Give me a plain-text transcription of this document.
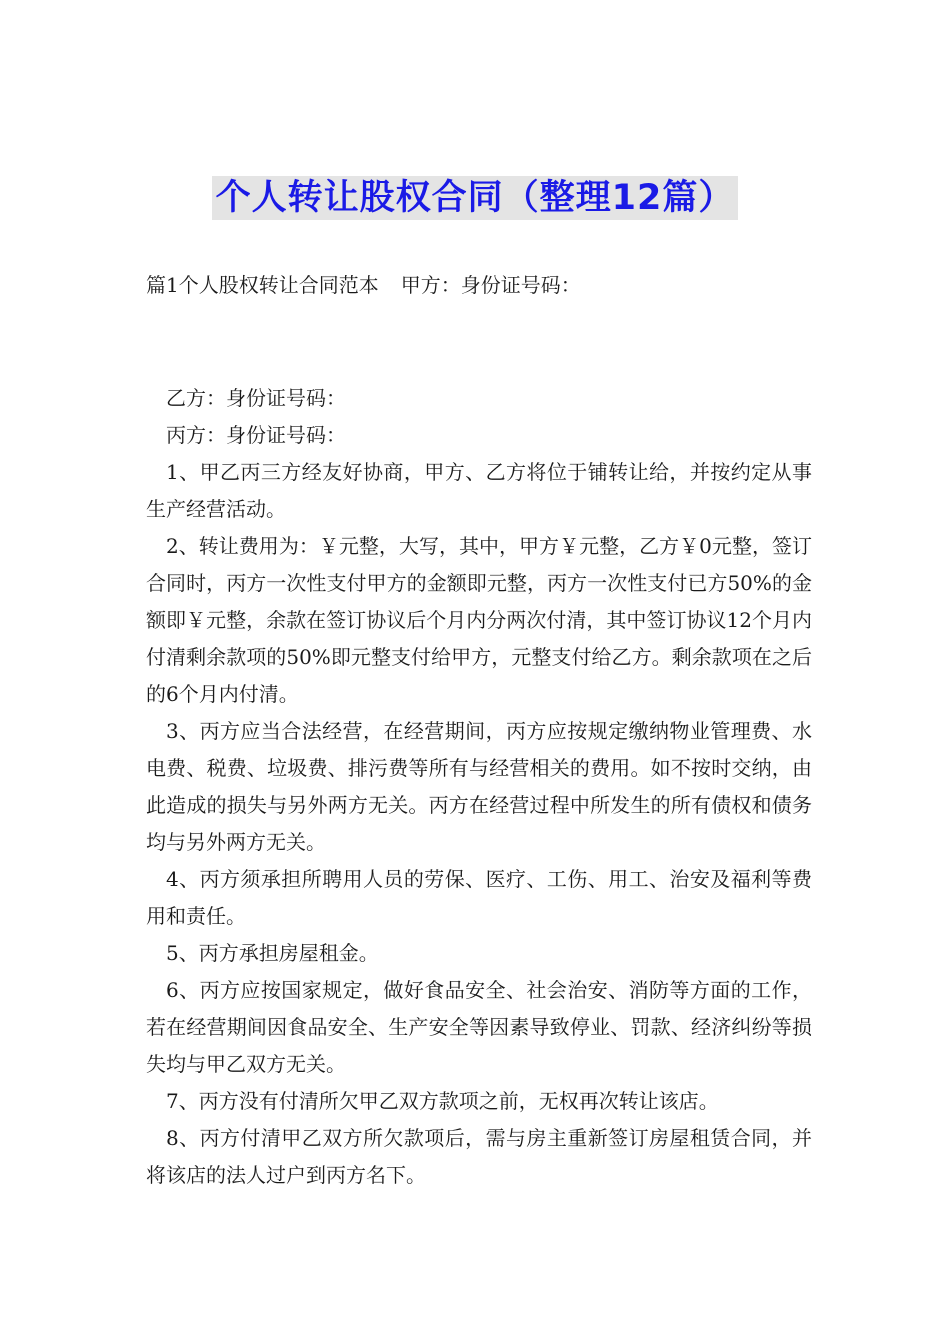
个人转让股权合同（整理12篇）
篇1个人股权转让合同范本 甲方：身份证号码：

乙方：身份证号码：

丙方：身份证号码：

1、甲乙丙三方经友好协商，甲方、乙方将位于铺转让给，并按约定从事生产经营活动。

2、转让费用为：￥元整，大写，其中，甲方￥元整，乙方￥0元整，签订合同时，丙方一次性支付甲方的金额即元整，丙方一次性支付已方50%的金额即￥元整，余款在签订协议后个月内分两次付清，其中签订协议12个月内付清剩余款项的50%即元整支付给甲方，元整支付给乙方。剩余款项在之后的6个月内付清。

3、丙方应当合法经营，在经营期间，丙方应按规定缴纳物业管理费、水电费、税费、垃圾费、排污费等所有与经营相关的费用。如不按时交纳，由此造成的损失与另外两方无关。丙方在经营过程中所发生的所有债权和债务均与另外两方无关。

4、丙方须承担所聘用人员的劳保、医疗、工伤、用工、治安及福利等费用和责任。

5、丙方承担房屋租金。

6、丙方应按国家规定，做好食品安全、社会治安、消防等方面的工作，若在经营期间因食品安全、生产安全等因素导致停业、罚款、经济纠纷等损失均与甲乙双方无关。

7、丙方没有付清所欠甲乙双方款项之前，无权再次转让该店。

8、丙方付清甲乙双方所欠款项后，需与房主重新签订房屋租赁合同，并将该店的法人过户到丙方名下。
